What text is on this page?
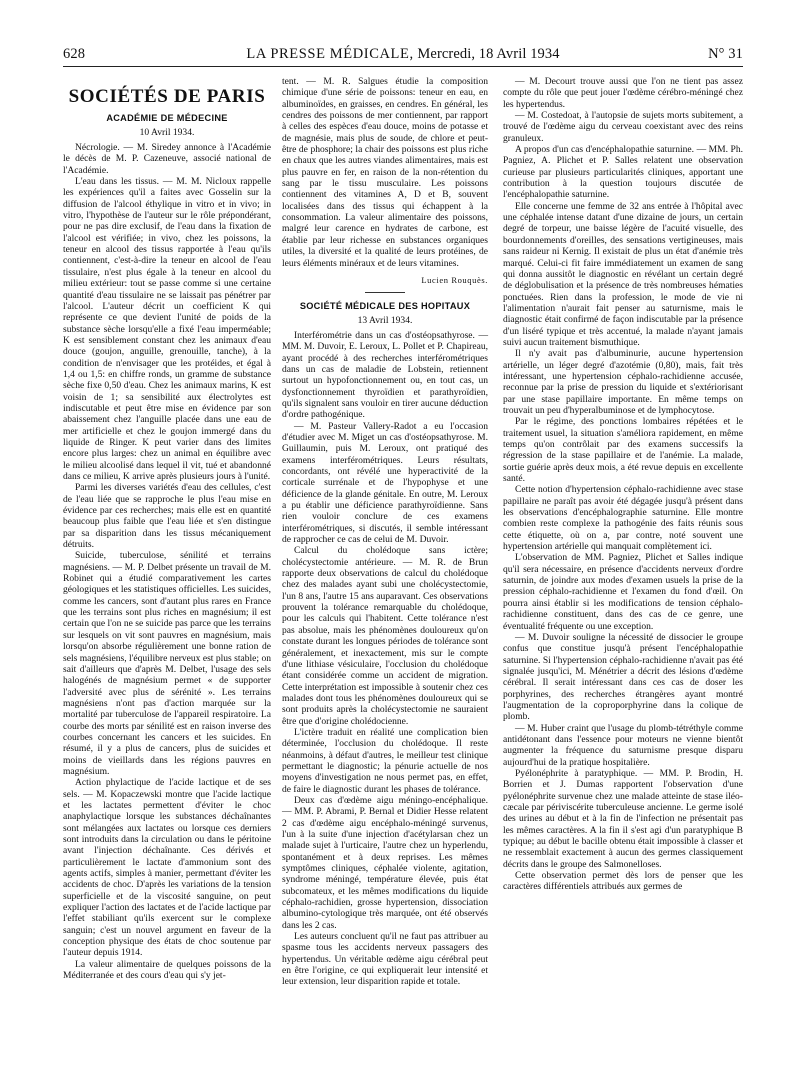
628	LA PRESSE MÉDICALE, Mercredi, 18 Avril 1934	N° 31
SOCIÉTÉS DE PARIS
ACADÉMIE DE MÉDECINE
10 Avril 1934.

Nécrologie. — M. Siredey annonce à l'Académie le décès de M. P. Cazeneuve, associé national de l'Académie.

L'eau dans les tissus. — M. M. Nicloux rappelle les expériences qu'il a faites avec Gosselin sur la diffusion de l'alcool éthylique in vitro et in vivo; in vitro, l'hypothèse de l'auteur sur le rôle prépondérant, pour ne pas dire exclusif, de l'eau dans la fixation de l'alcool est vérifiée; in vivo, chez les poissons, la teneur en alcool des tissus rapportée à l'eau qu'ils contiennent, c'est-à-dire la teneur en alcool de l'eau tissulaire, n'est plus égale à la teneur en alcool du milieu extérieur: tout se passe comme si une certaine quantité d'eau tissulaire ne se laissait pas pénétrer par l'alcool. L'auteur décrit un coefficient K qui représente ce que devient l'unité de poids de la substance sèche lorsqu'elle a fixé l'eau imperméable; K est sensiblement constant chez les animaux d'eau douce (goujon, anguille, grenouille, tanche), à la condition de n'envisager que les protéides, et égal à 1,4 ou 1,5: en chiffre ronds, un gramme de substance sèche fixe 0,50 d'eau. Chez les animaux marins, K est voisin de 1; sa sensibilité aux électrolytes est indiscutable et peut être mise en évidence par son abaissement chez l'anguille placée dans une eau de mer artificielle et chez le goujon immergé dans du liquide de Ringer. K peut varier dans des limites encore plus larges: chez un animal en équilibre avec le milieu alcoolisé dans lequel il vit, tué et abandonné dans ce milieu, K arrive après plusieurs jours à l'unité.

Parmi les diverses variétés d'eau des cellules, c'est de l'eau liée que se rapproche le plus l'eau mise en évidence par ces recherches; mais elle est en quantité beaucoup plus faible que l'eau liée et s'en distingue par sa disparition dans les tissus mécaniquement détruits.

Suicide, tuberculose, sénilité et terrains magnésiens. — M. P. Delbet présente un travail de M. Robinet qui a étudié comparativement les cartes géologiques et les statistiques officielles. Les suicides, comme les cancers, sont d'autant plus rares en France que les terrains sont plus riches en magnésium; il est certain que l'on ne se suicide pas parce que les terrains sur lesquels on vit sont pauvres en magnésium, mais lorsqu'on absorbe régulièrement une bonne ration de sels magnésiens, l'équilibre nerveux est plus stable; on sait d'ailleurs que d'après M. Delbet, l'usage des sels halogénés de magnésium permet « de supporter l'adversité avec plus de sérénité ». Les terrains magnésiens n'ont pas d'action marquée sur la mortalité par tuberculose de l'appareil respiratoire. La courbe des morts par sénilité est en raison inverse des courbes concernant les cancers et les suicides. En résumé, il y a plus de cancers, plus de suicides et moins de vieillards dans les régions pauvres en magnésium.

Action phylactique de l'acide lactique et de ses sels. — M. Kopaczewski montre que l'acide lactique et les lactates permettent d'éviter le choc anaphylactique lorsque les substances déchaînantes sont mélangées aux lactates ou lorsque ces derniers sont introduits dans la circulation ou dans le péritoine avant l'injection déchaînante. Ces dérivés et particulièrement le lactate d'ammonium sont des agents actifs, simples à manier, permettant d'éviter les accidents de choc. D'après les variations de la tension superficielle et de la viscosité sanguine, on peut expliquer l'action des lactates et de l'acide lactique par l'effet stabiliant qu'ils exercent sur le complexe sanguin; c'est un nouvel argument en faveur de la conception physique des états de choc soutenue par l'auteur depuis 1914.

La valeur alimentaire de quelques poissons de la Méditerranée et des cours d'eau qui s'y jet-

tent. — M. R. Salgues étudie la composition chimique d'une série de poissons: teneur en eau, en albuminoïdes, en graisses, en cendres. En général, les cendres des poissons de mer contiennent, par rapport à celles des espèces d'eau douce, moins de potasse et de magnésie, mais plus de soude, de chlore et peut-être de phosphore; la chair des poissons est plus riche en chaux que les autres viandes alimentaires, mais est plus pauvre en fer, en raison de la non-rétention du sang par le tissu musculaire. Les poissons contiennent des vitamines A, D et B, souvent localisées dans des tissus qui échappent à la consommation. La valeur alimentaire des poissons, malgré leur carence en hydrates de carbone, est établie par leur richesse en substances organiques utiles, la diversité et la qualité de leurs protéines, de leurs éléments minéraux et de leurs vitamines.

Lucien Rouquès.

SOCIÉTÉ MÉDICALE DES HOPITAUX
13 Avril 1934.

Interférométrie dans un cas d'ostéopsathyrose. — MM. M. Duvoir, E. Leroux, L. Pollet et P. Chapireau, ayant procédé à des recherches interférométriques dans un cas de maladie de Lobstein, retiennent surtout un hypofonctionnement ou, en tout cas, un dysfonctionnement thyroïdien et parathyroïdien, qu'ils signalent sans vouloir en tirer aucune déduction d'ordre pathogénique.

— M. Pasteur Vallery-Radot a eu l'occasion d'étudier avec M. Miget un cas d'ostéopsathyrose. M. Guillaumin, puis M. Leroux, ont pratiqué des examens interférométriques. Leurs résultats, concordants, ont révélé une hyperactivité de la corticale surrénale et de l'hypophyse et une déficience de la glande génitale. En outre, M. Leroux a pu établir une déficience parathyroïdienne. Sans rien vouloir conclure de ces examens interférométriques, si discutés, il semble intéressant de rapprocher ce cas de celui de M. Duvoir.

Calcul du cholédoque sans ictère; cholécystectomie antérieure. — M. R. de Brun rapporte deux observations de calcul du cholédoque chez des malades ayant subi une cholécystectomie, l'un 8 ans, l'autre 15 ans auparavant. Ces observations prouvent la tolérance remarquable du cholédoque, pour les calculs qui l'habitent. Cette tolérance n'est pas absolue, mais les phénomènes douloureux qu'on constate durant les longues périodes de tolérance sont généralement, et inexactement, mis sur le compte d'une lithiase vésiculaire, l'occlusion du cholédoque étant considérée comme un accident de migration. Cette interprétation est impossible à soutenir chez ces malades dont tous les phénomènes douloureux qui se sont produits après la cholécystectomie ne sauraient être que d'origine cholédocienne.

L'ictère traduit en réalité une complication bien déterminée, l'occlusion du cholédoque. Il reste néanmoins, à défaut d'autres, le meilleur test clinique permettant le diagnostic; la pénurie actuelle de nos moyens d'investigation ne nous permet pas, en effet, de faire le diagnostic durant les phases de tolérance.

Deux cas d'œdème aigu méningo-encéphalique. — MM. P. Abrami, P. Bernal et Didier Hesse relatent 2 cas d'œdème aigu encéphalo-méningé survenus, l'un à la suite d'une injection d'acétylarsan chez un malade sujet à l'urticaire, l'autre chez un hyperlendu, spontanément et à deux reprises. Les mêmes symptômes cliniques, céphalée violente, agitation, syndrome méningé, température élevée, puis état subcomateux, et les mêmes modifications du liquide céphalo-rachidien, grosse hypertension, dissociation albumino-cytologique très marquée, ont été observés dans les 2 cas.

Les auteurs concluent qu'il ne faut pas attribuer au spasme tous les accidents nerveux passagers des hypertendus. Un véritable œdème aigu cérébral peut en être l'origine, ce qui expliquerait leur intensité et leur extension, leur disparition rapide et totale.

— M. Decourt trouve aussi que l'on ne tient pas assez compte du rôle que peut jouer l'œdème cérébro-méningé chez les hypertendus.

— M. Costedoat, à l'autopsie de sujets morts subitement, a trouvé de l'œdème aigu du cerveau coexistant avec des reins granuleux.

A propos d'un cas d'encéphalopathie saturnine. — MM. Ph. Pagniez, A. Plichet et P. Salles relatent une observation curieuse par plusieurs particularités cliniques, apportant une contribution à la question toujours discutée de l'encéphalopathie saturnine.

Elle concerne une femme de 32 ans entrée à l'hôpital avec une céphalée intense datant d'une dizaine de jours, un certain degré de torpeur, une baisse légère de l'acuité visuelle, des bourdonnements d'oreilles, des sensations vertigineuses, mais sans raideur ni Kernig. Il existait de plus un état d'anémie très marqué. Celui-ci fit faire immédiatement un examen de sang qui donna aussitôt le diagnostic en révélant un certain degré de déglobulisation et la présence de très nombreuses hématies ponctuées. Rien dans la profession, le mode de vie ni l'alimentation n'aurait fait penser au saturnisme, mais le diagnostic était confirmé de façon indiscutable par la présence d'un liséré typique et très accentué, la malade n'ayant jamais suivi aucun traitement bismuthique.

Il n'y avait pas d'albuminurie, aucune hypertension artérielle, un léger degré d'azotémie (0,80), mais, fait très intéressant, une hypertension céphalo-rachidienne accusée, reconnue par la prise de pression du liquide et s'extériorisant par une stase papillaire importante. En même temps on trouvait un peu d'hyperalbuminose et de lymphocytose.

Par le régime, des ponctions lombaires répétées et le traitement usuel, la situation s'améliora rapidement, en même temps qu'on contrôlait par des examens successifs la régression de la stase papillaire et de l'anémie. La malade, sortie guérie après deux mois, a été revue depuis en excellente santé.

Cette notion d'hypertension céphalo-rachidienne avec stase papillaire ne paraît pas avoir été dégagée jusqu'à présent dans les observations d'encéphalographie saturnine. Elle montre combien reste complexe la pathogénie des faits réunis sous cette étiquette, où on a, par contre, noté souvent une hypertension artérielle qui manquait complètement ici.

L'observation de MM. Pagniez, Plichet et Salles indique qu'il sera nécessaire, en présence d'accidents nerveux d'ordre saturnin, de joindre aux modes d'examen usuels la prise de la pression céphalo-rachidienne et l'examen du fond d'œil. On pourra ainsi établir si les modifications de tension céphalo-rachidienne constituent, dans des cas de ce genre, une éventualité fréquente ou une exception.

— M. Duvoir souligne la nécessité de dissocier le groupe confus que constitue jusqu'à présent l'encéphalopathie saturnine. Si l'hypertension céphalo-rachidienne n'avait pas été signalée jusqu'ici, M. Ménétrier a décrit des lésions d'œdème cérébral. Il serait intéressant dans ces cas de doser les porphyrines, des recherches étrangères ayant montré l'augmentation de la coproporphyrine dans la colique de plomb.

— M. Huber craint que l'usage du plomb-tétréthyle comme antidétonant dans l'essence pour moteurs ne vienne bientôt augmenter la fréquence du saturnisme presque disparu aujourd'hui de la pratique hospitalière.

Pyélonéphrite à paratyphique. — MM. P. Brodin, H. Borrien et J. Dumas rapportent l'observation d'une pyélonéphrite survenue chez une malade atteinte de stase iléo-cæcale par périviscérite tuberculeuse ancienne. Le germe isolé des urines au début et à la fin de l'infection ne présentait pas les mêmes caractères. A la fin il s'est agi d'un paratyphique B typique; au début le bacille obtenu était impossible à classer et ne ressemblait exactement à aucun des germes classiquement décrits dans le groupe des Salmonelloses.

Cette observation permet dès lors de penser que les caractères différentiels attribués aux germes de
